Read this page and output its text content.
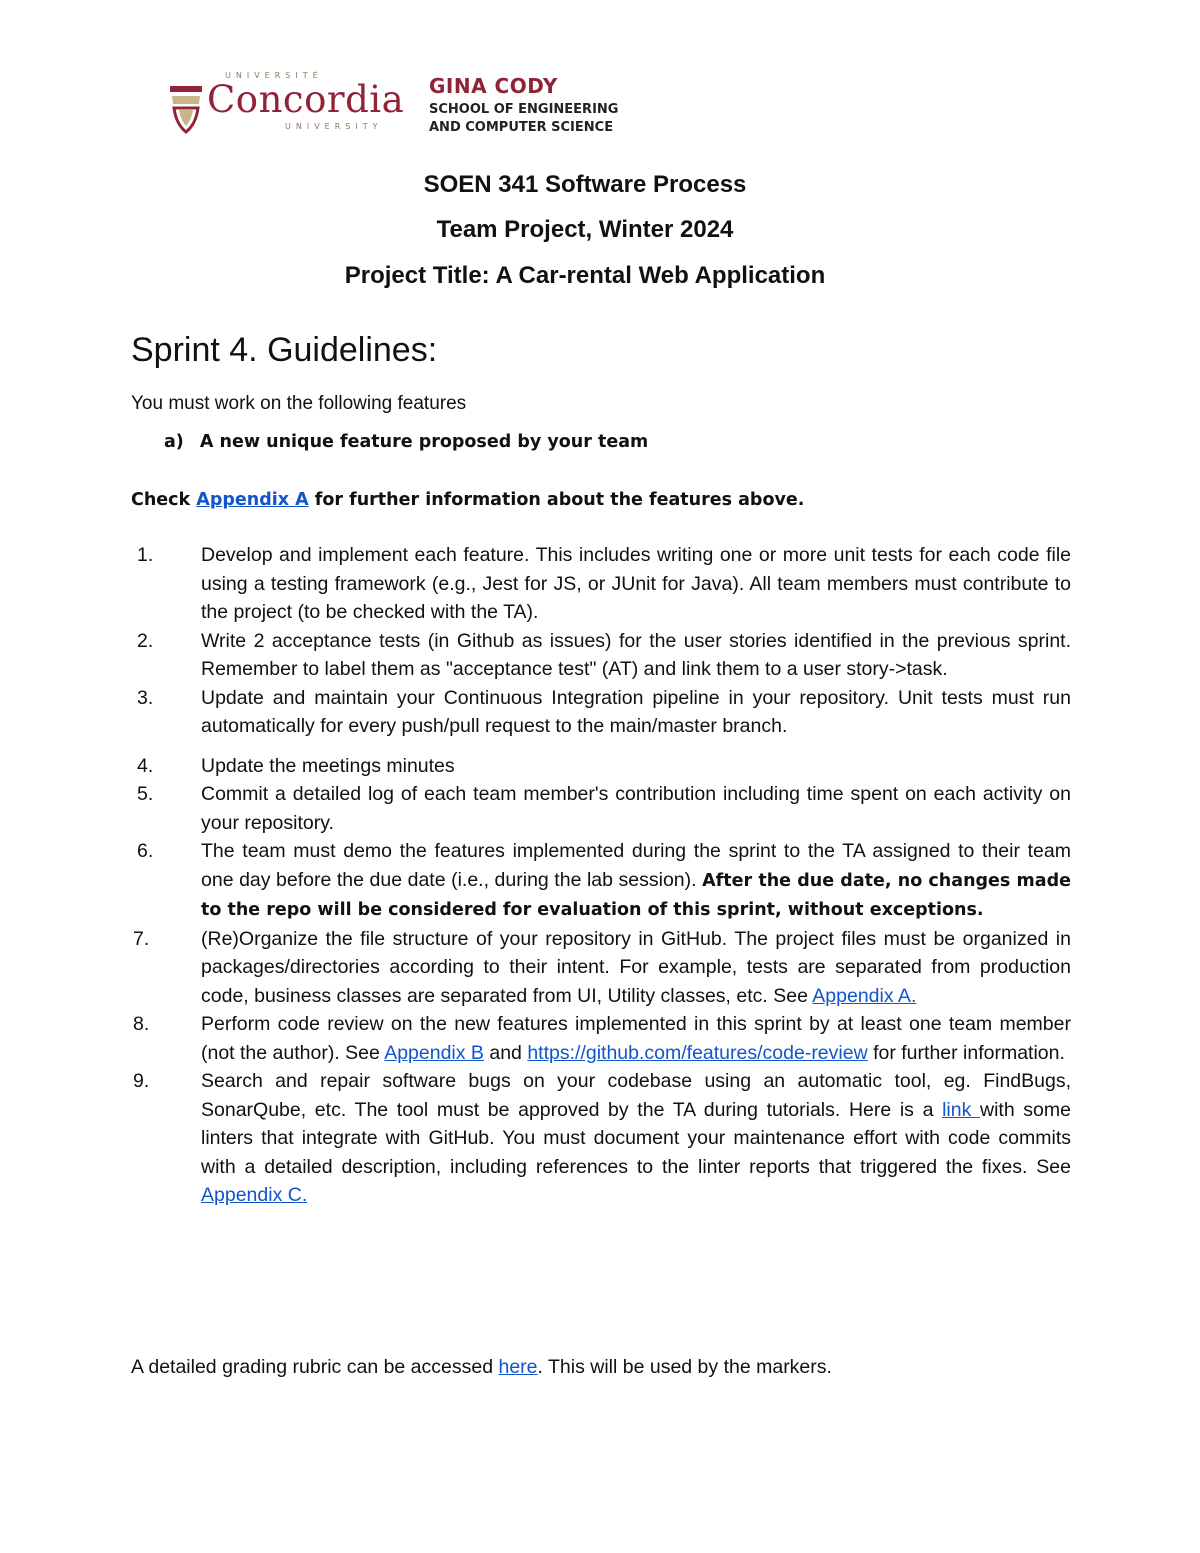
UNIVERSITÉ
Concordia
UNIVERSITY
GINA CODY
SCHOOL OF ENGINEERING
AND COMPUTER SCIENCE
SOEN 341 Software Process
Team Project, Winter 2024
Project Title: A Car-rental Web Application
Sprint 4. Guidelines:
You must work on the following features
a) A new unique feature proposed by your team
Check Appendix A for further information about the features above.
1. Develop and implement each feature. This includes writing one or more unit tests for each code file using a testing framework (e.g., Jest for JS, or JUnit for Java). All team members must contribute to the project (to be checked with the TA).
2. Write 2 acceptance tests (in Github as issues) for the user stories identified in the previous sprint. Remember to label them as "acceptance test" (AT) and link them to a user story->task.
3. Update and maintain your Continuous Integration pipeline in your repository. Unit tests must run automatically for every push/pull request to the main/master branch.
4. Update the meetings minutes
5. Commit a detailed log of each team member's contribution including time spent on each activity on your repository.
6. The team must demo the features implemented during the sprint to the TA assigned to their team one day before the due date (i.e., during the lab session). After the due date, no changes made to the repo will be considered for evaluation of this sprint, without exceptions.
7.	(Re)Organize the file structure of your repository in GitHub. The project files must be organized in packages/directories according to their intent. For example, tests are separated from production code, business classes are separated from UI, Utility classes, etc. See Appendix A.
8.	Perform code review on the new features implemented in this sprint by at least one team member (not the author). See Appendix B and https://github.com/features/code-review for further information.
9.	Search and repair software bugs on your codebase using an automatic tool, eg. FindBugs, SonarQube, etc. The tool must be approved by the TA during tutorials. Here is a link with some linters that integrate with GitHub. You must document your maintenance effort with code commits with a detailed description, including references to the linter reports that triggered the fixes. See Appendix C.
A detailed grading rubric can be accessed here. This will be used by the markers.
